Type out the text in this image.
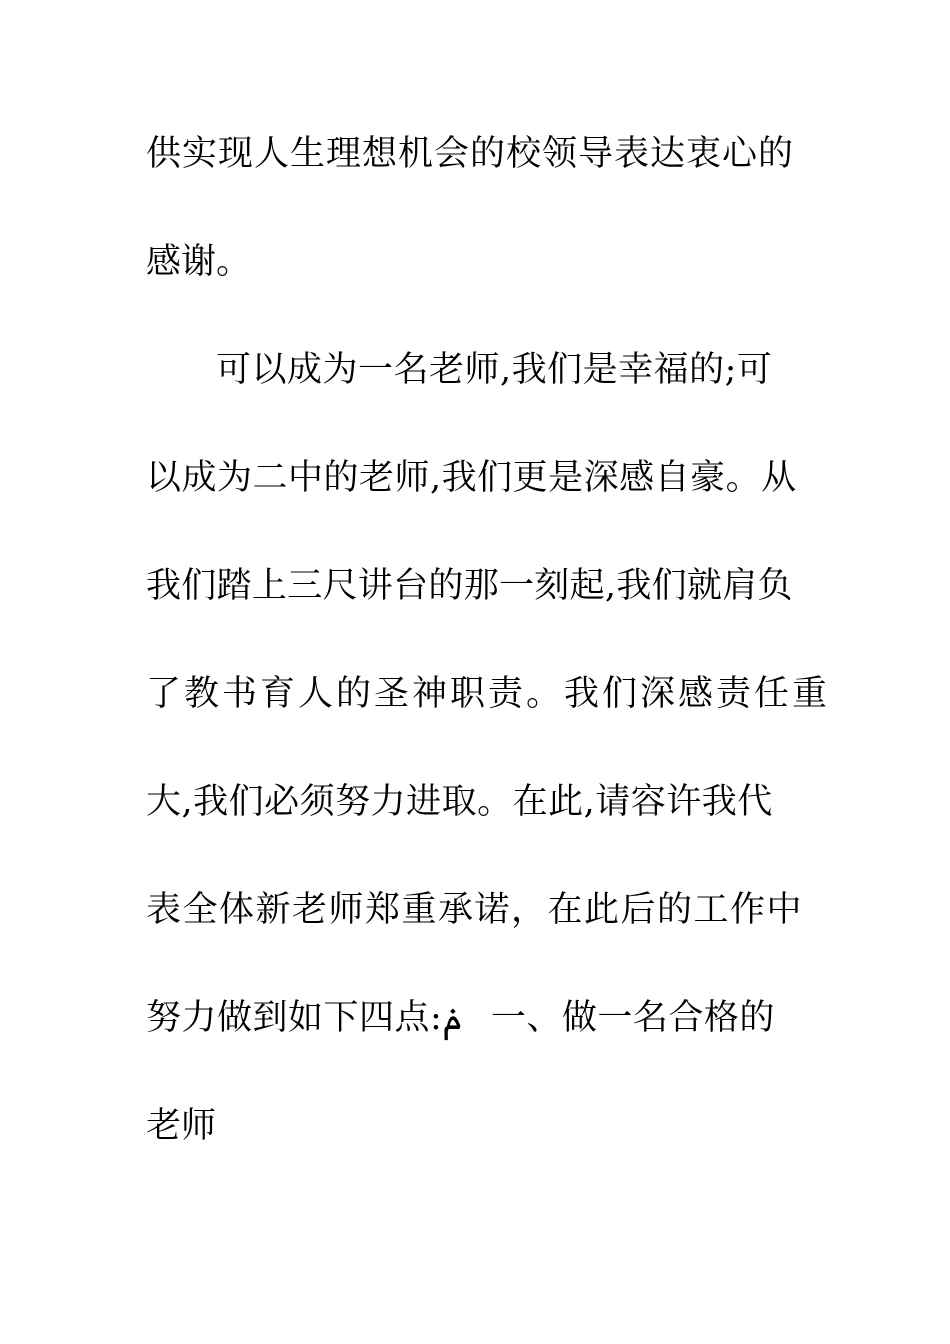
供实现人生理想机会的校领导表达衷心的
感谢。
可以成为一名老师,我们是幸福的;可
以成为二中的老师,我们更是深感自豪。从
我们踏上三尺讲台的那一刻起,我们就肩负
了教书育人的圣神职责。我们深感责任重
大,我们必须努力进取。在此,请容许我代
表全体新老师郑重承诺，在此后的工作中
努力做到如下四点:ݥ 一、做一名合格的
老师
